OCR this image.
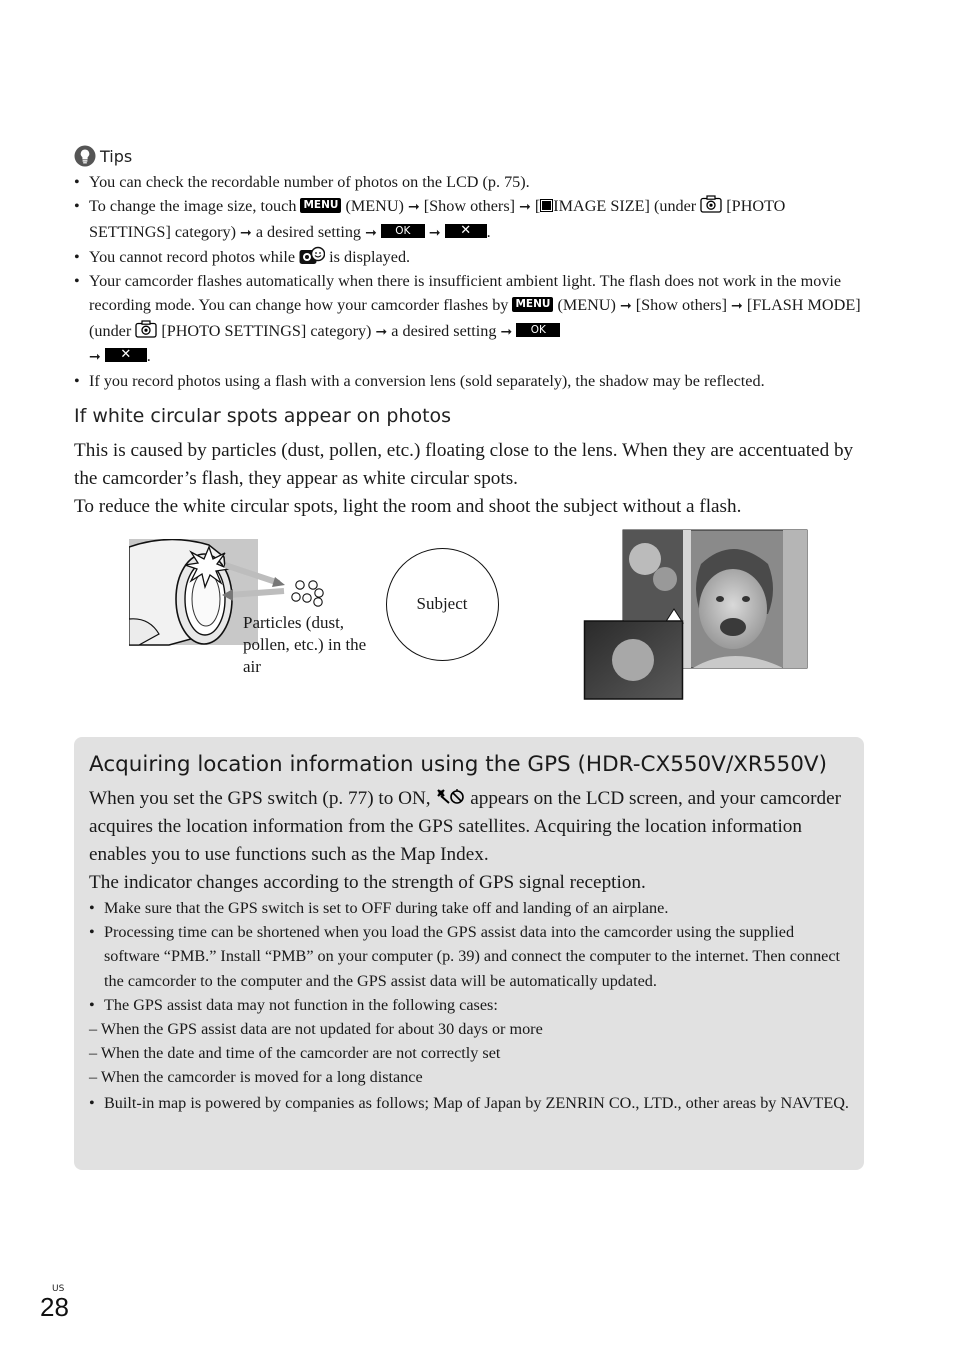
Tips
• You can check the recordable number of photos on the LCD (p. 75).
• To change the image size, touch MENU (MENU) ➞ [Show others] ➞ [ IMAGE SIZE] (under [PHOTO SETTINGS] category) ➞ a desired setting ➞ OK ➞ ✕ .
• You cannot record photos while is displayed.
• Your camcorder flashes automatically when there is insufficient ambient light. The flash does not work in the movie recording mode. You can change how your camcorder flashes by MENU (MENU) ➞ [Show others] ➞ [FLASH MODE] (under [PHOTO SETTINGS] category) ➞ a desired setting ➞ OK
➞ ✕ .
• If you record photos using a flash with a conversion lens (sold separately), the shadow may be reflected.
If white circular spots appear on photos

This is caused by particles (dust, pollen, etc.) floating close to the lens. When they are accentuated by the camcorder’s flash, they appear as white circular spots.

To reduce the white circular spots, light the room and shoot the subject without a flash.

Particles (dust, pollen, etc.) in the air
Subject
Acquiring location information using the GPS (HDR-CX550V/XR550V)

When you set the GPS switch (p. 77) to ON, appears on the LCD screen, and your camcorder acquires the location information from the GPS satellites. Acquiring the location information enables you to use functions such as the Map Index.

The indicator changes according to the strength of GPS signal reception.

• Make sure that the GPS switch is set to OFF during take off and landing of an airplane.
• Processing time can be shortened when you load the GPS assist data into the camcorder using the supplied software “PMB.” Install “PMB” on your computer (p. 39) and connect the computer to the internet. Then connect the camcorder to the computer and the GPS assist data will be automatically updated.
• The GPS assist data may not function in the following cases:
– When the GPS assist data are not updated for about 30 days or more
– When the date and time of the camcorder are not correctly set
– When the camcorder is moved for a long distance
• Built-in map is powered by companies as follows; Map of Japan by ZENRIN CO., LTD., other areas by NAVTEQ.
US
28
